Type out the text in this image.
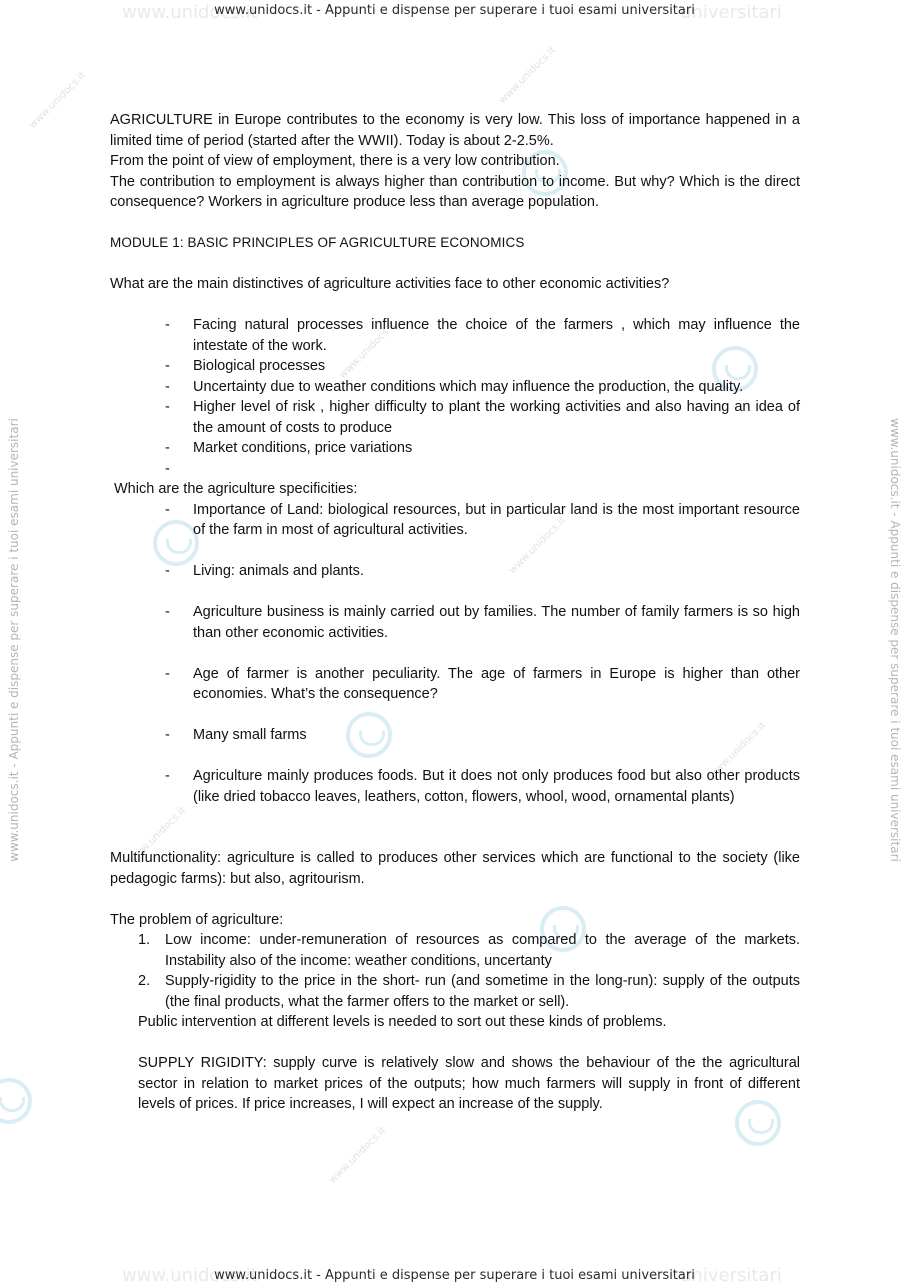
www.unidocs.it	universitari
www.unidocs.it - Appunti e dispense per superare i tuoi esami universitari
www.unidocs.it - Appunti e dispense per superare i tuoi esami universitari	www.unidocs.it - Appunti e dispense per superare i tuoi esami universitari
www.unidocs.it	www.unidocs.it
www.unidocs.it
www.unidocs.it
www.unidocs.it
www.unidocs.it
www.unidocs.it

AGRICULTURE in Europe contributes to the economy is very low. This loss of importance happened in a limited time of period (started after the WWII). Today is about 2-2.5%.

From the point of view of employment, there is a very low contribution.

The contribution to employment is always higher than contribution to income. But why? Which is the direct consequence? Workers in agriculture produce less than average population.

MODULE 1: BASIC PRINCIPLES OF AGRICULTURE ECONOMICS

What are the main distinctives of agriculture activities face to other economic activities?

- Facing natural processes influence the choice of the farmers , which may influence the intestate of the work.
- Biological processes
- Uncertainty due to weather conditions which may influence the production, the quality.
- Higher level of risk , higher difficulty to plant the working activities and also having an idea of the amount of costs to produce
- Market conditions, price variations
-

Which are the agriculture specificities:

- Importance of Land: biological resources, but in particular land is the most important resource of the farm in most of agricultural activities.
- Living: animals and plants.
- Agriculture business is mainly carried out by families. The number of family farmers is so high than other economic activities.
- Age of farmer is another peculiarity. The age of farmers in Europe is higher than other economies. What’s the consequence?
- Many small farms
- Agriculture mainly produces foods. But it does not only produces food but also other products (like dried tobacco leaves, leathers, cotton, flowers, whool, wood, ornamental plants)

Multifunctionality: agriculture is called to produces other services which are functional to the society (like pedagogic farms): but also, agritourism.

The problem of agriculture:

1. Low income: under-remuneration of resources as compared to the average of the markets. Instability also of the income: weather conditions, uncertanty
2. Supply-rigidity to the price in the short- run (and sometime in the long-run): supply of the outputs (the final products, what the farmer offers to the market or sell).

Public intervention at different levels is needed to sort out these kinds of problems.

SUPPLY RIGIDITY: supply curve is relatively slow and shows the behaviour of the the agricultural sector in relation to market prices of the outputs; how much farmers will supply in front of different levels of prices. If price increases, I will expect an increase of the supply.

www.unidocs.it	universitari
www.unidocs.it - Appunti e dispense per superare i tuoi esami universitari
